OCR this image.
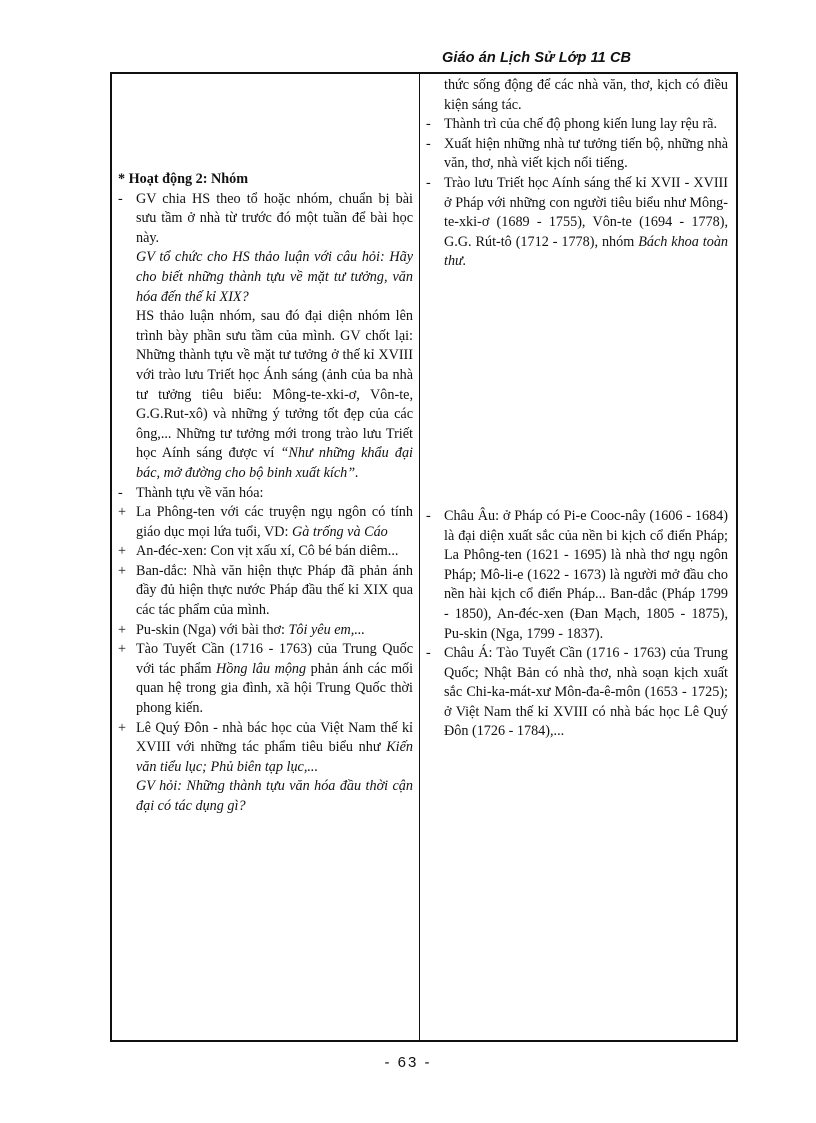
Giáo án Lịch Sử Lớp 11 CB

* Hoạt động 2: Nhóm

- GV chia HS theo tổ hoặc nhóm, chuẩn bị bài sưu tầm ở nhà từ trước đó một tuần để bài học này.

GV tổ chức cho HS thảo luận với câu hỏi: Hãy cho biết những thành tựu về mặt tư tưởng, văn hóa đến thế kỉ XIX?

HS thảo luận nhóm, sau đó đại diện nhóm lên trình bày phần sưu tầm của mình. GV chốt lại: Những thành tựu về mặt tư tưởng ở thế kỉ XVIII với trào lưu Triết học Ánh sáng (ảnh của ba nhà tư tưởng tiêu biểu: Mông-te-xki-ơ, Vôn-te, G.G.Rut-xô) và những ý tưởng tốt đẹp của các ông,... Những tư tưởng mới trong trào lưu Triết học Aính sáng được ví “Như những khẩu đại bác, mở đường cho bộ binh xuất kích”.

- Thành tựu về văn hóa:
+ La Phông-ten với các truyện ngụ ngôn có tính giáo dục mọi lứa tuổi, VD: Gà trống và Cáo
+ An-đéc-xen: Con vịt xấu xí, Cô bé bán diêm...
+ Ban-dắc: Nhà văn hiện thực Pháp đã phản ánh đầy đủ hiện thực nước Pháp đầu thế kỉ XIX qua các tác phẩm của mình.
+ Pu-skin (Nga) với bài thơ: Tôi yêu em,...
+ Tào Tuyết Cần (1716 - 1763) của Trung Quốc với tác phẩm Hồng lâu mộng phản ánh các mối quan hệ trong gia đình, xã hội Trung Quốc thời phong kiến.
+ Lê Quý Đôn - nhà bác học của Việt Nam thế kỉ XVIII với những tác phẩm tiêu biểu như Kiến văn tiểu lục; Phủ biên tạp lục,...

GV hỏi: Những thành tựu văn hóa đầu thời cận đại có tác dụng gì?

thức sống động để các nhà văn, thơ, kịch có điều kiện sáng tác.

- Thành trì của chế độ phong kiến lung lay rệu rã.
- Xuất hiện những nhà tư tưởng tiến bộ, những nhà văn, thơ, nhà viết kịch nổi tiếng.
- Trào lưu Triết học Aính sáng thế kỉ XVII - XVIII ở Pháp với những con người tiêu biểu như Mông-te-xki-ơ (1689 - 1755), Vôn-te (1694 - 1778), G.G. Rút-tô (1712 - 1778), nhóm Bách khoa toàn thư.
- Châu Âu: ở Pháp có Pi-e Cooc-nây (1606 - 1684) là đại diện xuất sắc của nền bi kịch cổ điển Pháp; La Phông-ten (1621 - 1695) là nhà thơ ngụ ngôn Pháp; Mô-li-e (1622 - 1673) là người mở đầu cho nền hài kịch cổ điển Pháp... Ban-dắc (Pháp 1799 - 1850), An-đéc-xen (Đan Mạch, 1805 - 1875), Pu-skin (Nga, 1799 - 1837).
- Châu Á: Tào Tuyết Cần (1716 - 1763) của Trung Quốc; Nhật Bản có nhà thơ, nhà soạn kịch xuất sắc Chi-ka-mát-xư Môn-đa-ê-môn (1653 - 1725); ở Việt Nam thế kỉ XVIII có nhà bác học Lê Quý Đôn (1726 - 1784),...
- 63 -
